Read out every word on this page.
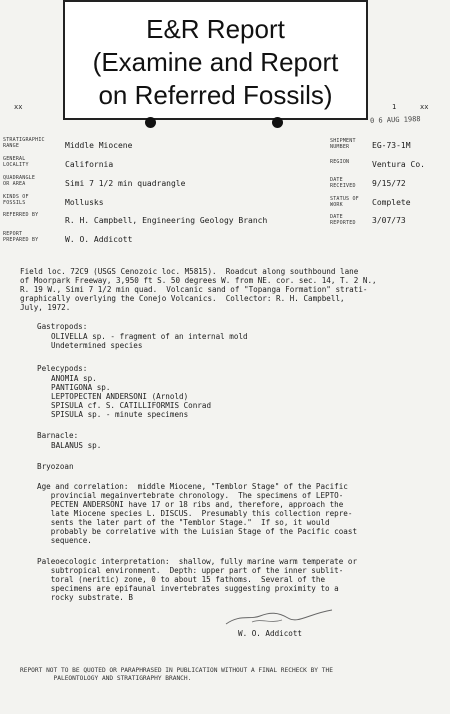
E&R Report
(Examine and Report
on Referred Fossils)
xx	1	xx
0 6 AUG 1988
STRATIGRAPHIC RANGE
GENERAL LOCALITY
QUADRANGLE OR AREA
KINDS OF FOSSILS
REFERRED BY
REPORT PREPARED BY
Middle Miocene
California
Simi 7 1/2 min quadrangle
Mollusks
R. H. Campbell, Engineering Geology Branch
W. O. Addicott
SHIPMENT NUMBER
REGION
DATE RECEIVED
STATUS OF WORK
DATE REPORTED
EG-73-1M
Ventura Co.
9/15/72
Complete
3/07/73
Field loc. 72C9 (USGS Cenozoic loc. M5815).  Roadcut along southbound lane
of Moorpark Freeway, 3,950 ft S. 50 degrees W. from NE. cor. sec. 14, T. 2 N.,
R. 19 W., Simi 7 1/2 min quad.  Volcanic sand of "Topanga Formation" strati-
graphically overlying the Conejo Volcanics.  Collector: R. H. Campbell,
July, 1972.
Gastropods:
OLIVELLA sp. - fragment of an internal mold
Undetermined species
Pelecypods:
ANOMIA sp.
PANTIGONA sp.
LEPTOPECTEN ANDERSONI (Arnold)
SPISULA cf. S. CATILLIFORMIS Conrad
SPISULA sp. - minute specimens
Barnacle:
BALANUS sp.
Bryozoan
Age and correlation:  middle Miocene, "Temblor Stage" of the Pacific
provincial megainvertebrate chronology.  The specimens of LEPTO-
PECTEN ANDERSONI have 17 or 18 ribs and, therefore, approach the
late Miocene species L. DISCUS.  Presumably this collection repre-
sents the later part of the "Temblor Stage."  If so, it would
probably be correlative with the Luisian Stage of the Pacific coast
sequence.
Paleoecologic interpretation:  shallow, fully marine warm temperate or
subtropical environment.  Depth: upper part of the inner sublit-
toral (neritic) zone, 0 to about 15 fathoms.  Several of the
specimens are epifaunal invertebrates suggesting proximity to a
rocky substrate. B
W. O. Addicott
REPORT NOT TO BE QUOTED OR PARAPHRASED IN PUBLICATION WITHOUT A FINAL RECHECK BY THE
PALEONTOLOGY AND STRATIGRAPHY BRANCH.
